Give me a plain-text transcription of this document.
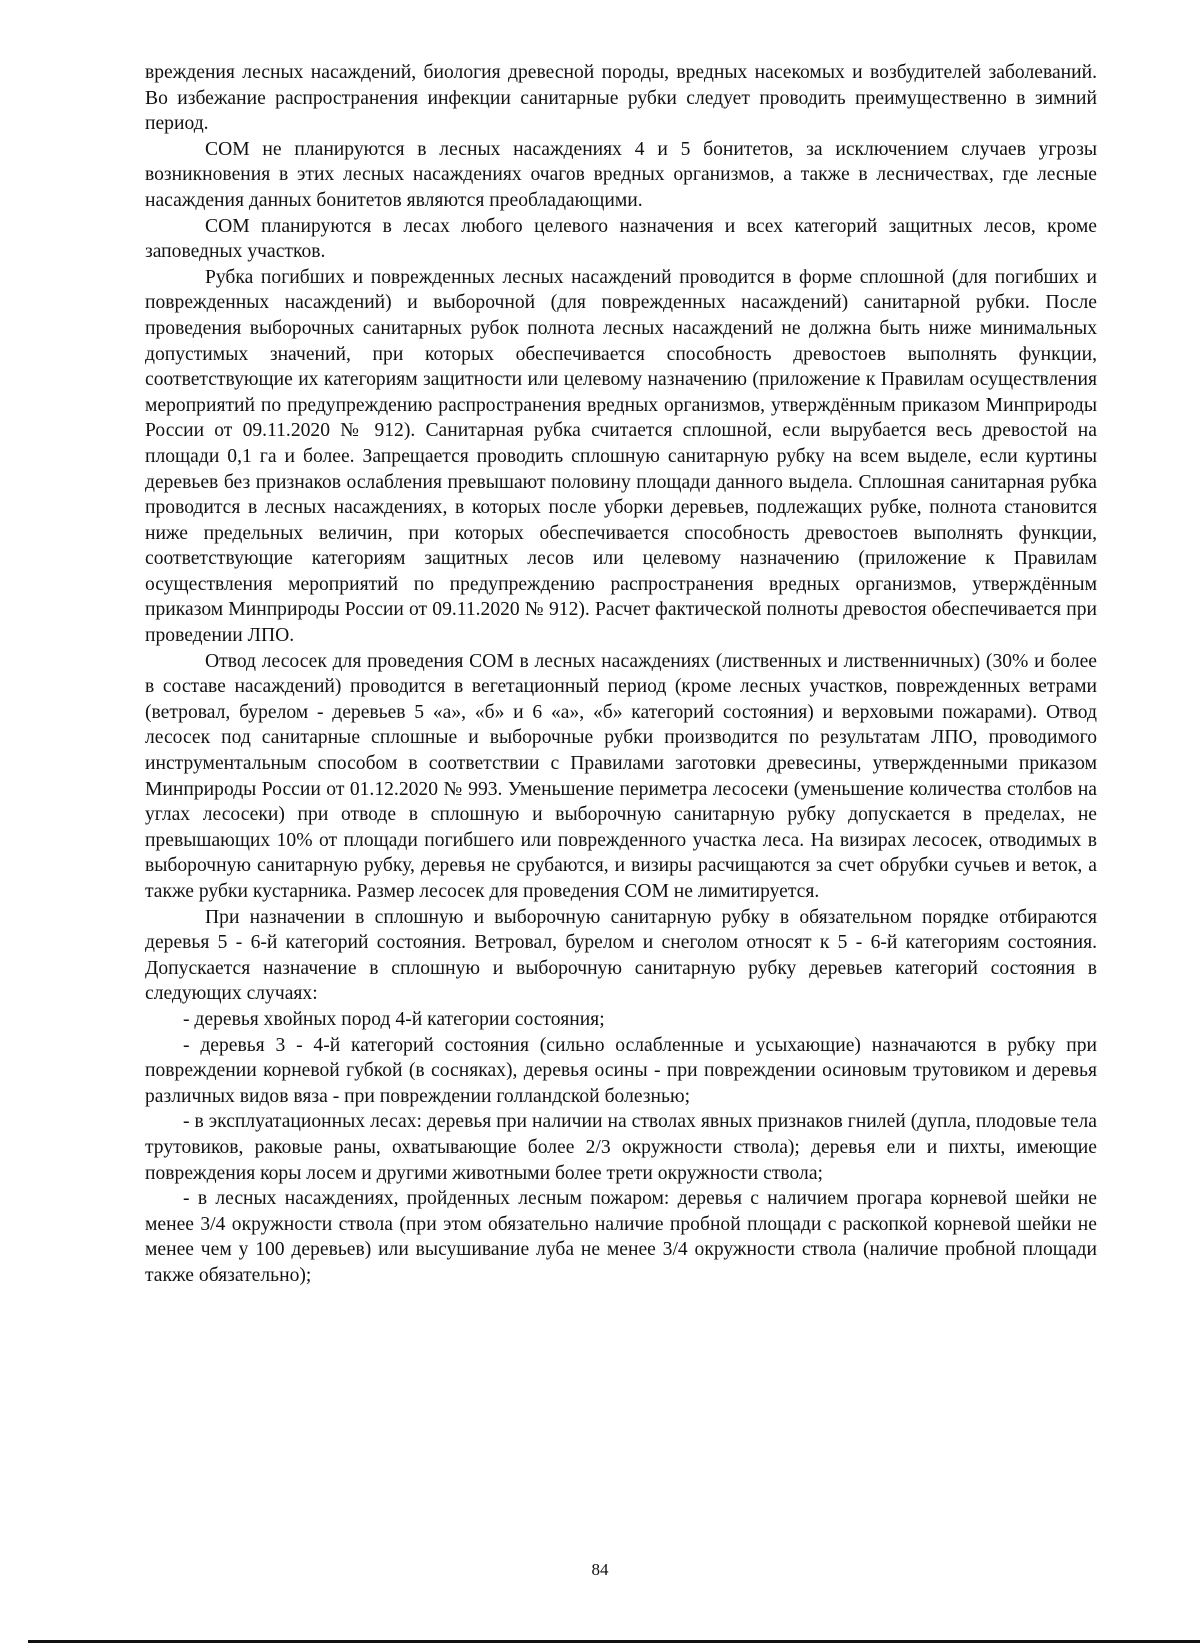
вреждения лесных насаждений, биология древесной породы, вредных насекомых и возбудителей заболеваний. Во избежание распространения инфекции санитарные рубки следует проводить преимущественно в зимний период.

СОМ не планируются в лесных насаждениях 4 и 5 бонитетов, за исключением случаев угрозы возникновения в этих лесных насаждениях очагов вредных организмов, а также в лесничествах, где лесные насаждения данных бонитетов являются преобладающими.

СОМ планируются в лесах любого целевого назначения и всех категорий защитных лесов, кроме заповедных участков.

Рубка погибших и поврежденных лесных насаждений проводится в форме сплошной (для погибших и поврежденных насаждений) и выборочной (для поврежденных насаждений) санитарной рубки. После проведения выборочных санитарных рубок полнота лесных насаждений не должна быть ниже минимальных допустимых значений, при которых обеспечивается способность древостоев выполнять функции, соответствующие их категориям защитности или целевому назначению (приложение к Правилам осуществления мероприятий по предупреждению распространения вредных организмов, утверждённым приказом Минприроды России от 09.11.2020 № 912). Санитарная рубка считается сплошной, если вырубается весь древостой на площади 0,1 га и более. Запрещается проводить сплошную санитарную рубку на всем выделе, если куртины деревьев без признаков ослабления превышают половину площади данного выдела. Сплошная санитарная рубка проводится в лесных насаждениях, в которых после уборки деревьев, подлежащих рубке, полнота становится ниже предельных величин, при которых обеспечивается способность древостоев выполнять функции, соответствующие категориям защитных лесов или целевому назначению (приложение к Правилам осуществления мероприятий по предупреждению распространения вредных организмов, утверждённым приказом Минприроды России от 09.11.2020 № 912). Расчет фактической полноты древостоя обеспечивается при проведении ЛПО.

Отвод лесосек для проведения СОМ в лесных насаждениях (лиственных и лиственничных) (30% и более в составе насаждений) проводится в вегетационный период (кроме лесных участков, поврежденных ветрами (ветровал, бурелом - деревьев 5 «а», «б» и 6 «а», «б» категорий состояния) и верховыми пожарами). Отвод лесосек под санитарные сплошные и выборочные рубки производится по результатам ЛПО, проводимого инструментальным способом в соответствии с Правилами заготовки древесины, утвержденными приказом Минприроды России от 01.12.2020 № 993. Уменьшение периметра лесосеки (уменьшение количества столбов на углах лесосеки) при отводе в сплошную и выборочную санитарную рубку допускается в пределах, не превышающих 10% от площади погибшего или поврежденного участка леса. На визирах лесосек, отводимых в выборочную санитарную рубку, деревья не срубаются, и визиры расчищаются за счет обрубки сучьев и веток, а также рубки кустарника. Размер лесосек для проведения СОМ не лимитируется.

При назначении в сплошную и выборочную санитарную рубку в обязательном порядке отбираются деревья 5 - 6-й категорий состояния. Ветровал, бурелом и снеголом относят к 5 - 6-й категориям состояния. Допускается назначение в сплошную и выборочную санитарную рубку деревьев категорий состояния в следующих случаях:

- деревья хвойных пород 4-й категории состояния;

- деревья 3 - 4-й категорий состояния (сильно ослабленные и усыхающие) назначаются в рубку при повреждении корневой губкой (в сосняках), деревья осины - при повреждении осиновым трутовиком и деревья различных видов вяза - при повреждении голландской болезнью;

- в эксплуатационных лесах: деревья при наличии на стволах явных признаков гнилей (дупла, плодовые тела трутовиков, раковые раны, охватывающие более 2/3 окружности ствола); деревья ели и пихты, имеющие повреждения коры лосем и другими животными более трети окружности ствола;

- в лесных насаждениях, пройденных лесным пожаром: деревья с наличием прогара корневой шейки не менее 3/4 окружности ствола (при этом обязательно наличие пробной площади с раскопкой корневой шейки не менее чем у 100 деревьев) или высушивание луба не менее 3/4 окружности ствола (наличие пробной площади также обязательно);

84
